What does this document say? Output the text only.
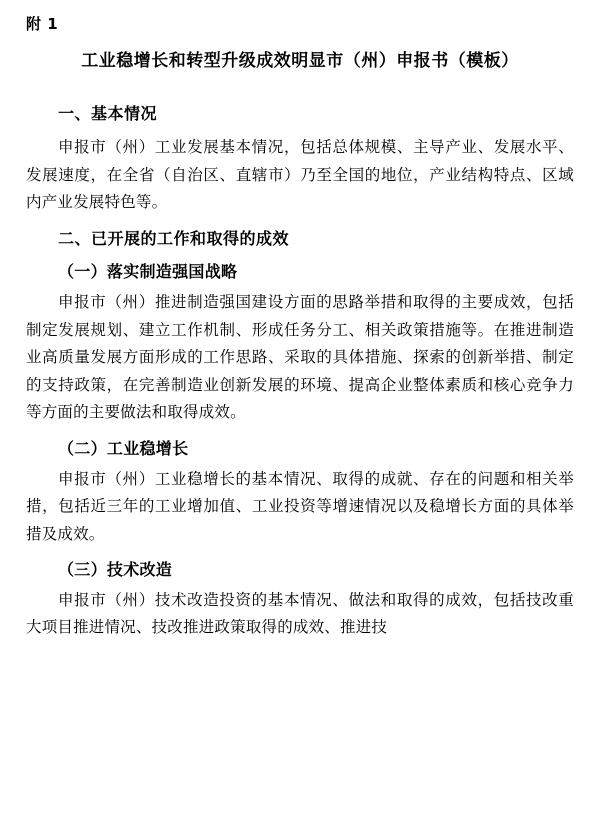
附 1
工业稳增长和转型升级成效明显市（州）申报书（模板）
一、基本情况
申报市（州）工业发展基本情况，包括总体规模、主导产业、发展水平、发展速度，在全省（自治区、直辖市）乃至全国的地位，产业结构特点、区域内产业发展特色等。
二、已开展的工作和取得的成效
（一）落实制造强国战略
申报市（州）推进制造强国建设方面的思路举措和取得的主要成效，包括制定发展规划、建立工作机制、形成任务分工、相关政策措施等。在推进制造业高质量发展方面形成的工作思路、采取的具体措施、探索的创新举措、制定的支持政策，在完善制造业创新发展的环境、提高企业整体素质和核心竞争力等方面的主要做法和取得成效。
（二）工业稳增长
申报市（州）工业稳增长的基本情况、取得的成就、存在的问题和相关举措，包括近三年的工业增加值、工业投资等增速情况以及稳增长方面的具体举措及成效。
（三）技术改造
申报市（州）技术改造投资的基本情况、做法和取得的成效，包括技改重大项目推进情况、技改推进政策取得的成效、推进技
